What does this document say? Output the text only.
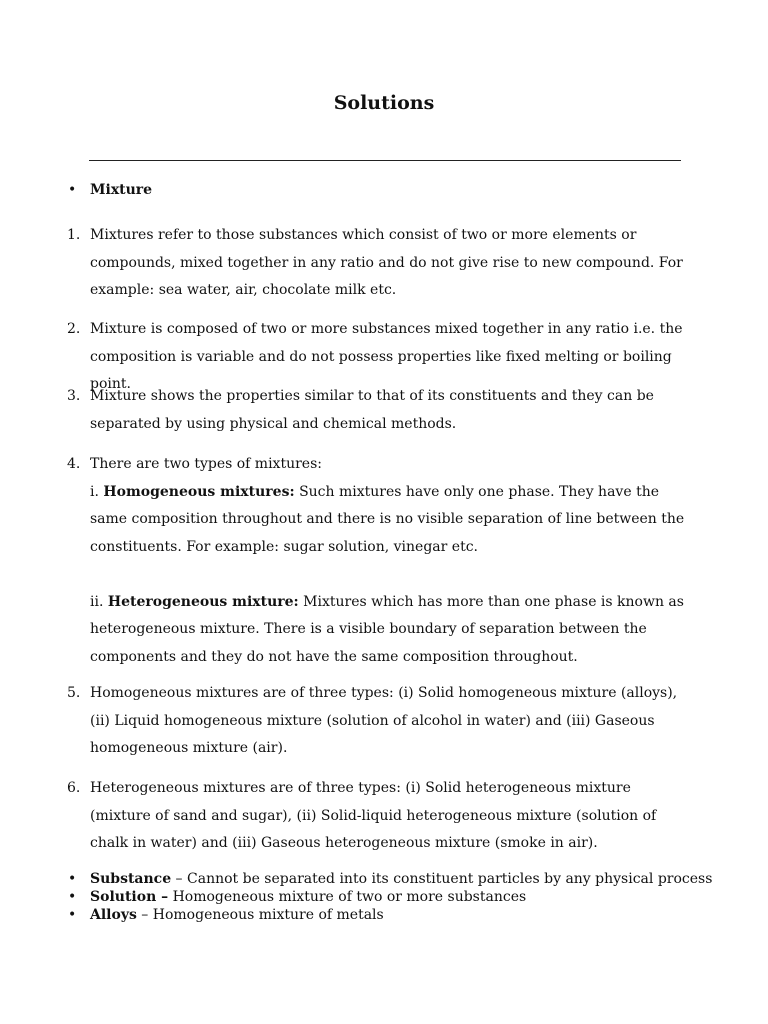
Solutions
• Mixture
1. Mixtures refer to those substances which consist of two or more elements or compounds, mixed together in any ratio and do not give rise to new compound. For example: sea water, air, chocolate milk etc.

2. Mixture is composed of two or more substances mixed together in any ratio i.e. the composition is variable and do not possess properties like fixed melting or boiling point.

3. Mixture shows the properties similar to that of its constituents and they can be separated by using physical and chemical methods.

4. There are two types of mixtures:

i. Homogeneous mixtures: Such mixtures have only one phase. They have the same composition throughout and there is no visible separation of line between the constituents. For example: sugar solution, vinegar etc.

ii. Heterogeneous mixture: Mixtures which has more than one phase is known as heterogeneous mixture. There is a visible boundary of separation between the components and they do not have the same composition throughout.

5. Homogeneous mixtures are of three types: (i) Solid homogeneous mixture (alloys), (ii) Liquid homogeneous mixture (solution of alcohol in water) and (iii) Gaseous homogeneous mixture (air).

6. Heterogeneous mixtures are of three types: (i) Solid heterogeneous mixture (mixture of sand and sugar), (ii) Solid-liquid heterogeneous mixture (solution of chalk in water) and (iii) Gaseous heterogeneous mixture (smoke in air).

• Substance – Cannot be separated into its constituent particles by any physical process
• Solution – Homogeneous mixture of two or more substances
• Alloys – Homogeneous mixture of metals
